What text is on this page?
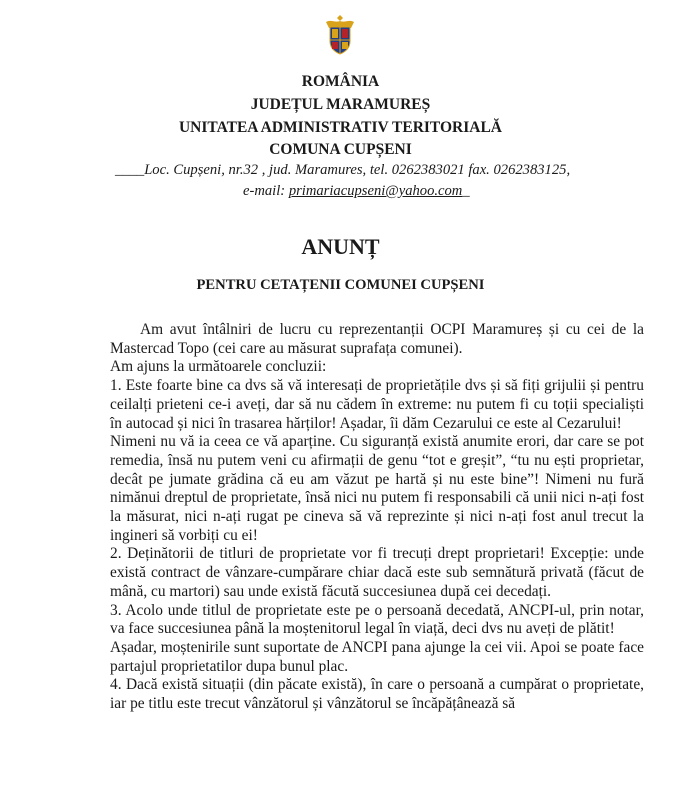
ROMÂNIA
JUDEȚUL MARAMUREȘ
UNITATEA ADMINISTRATIV TERITORIALĂ
COMUNA CUPȘENI
____Loc. Cupșeni, nr.32 , jud. Maramures, tel. 0262383021 fax. 0262383125,
e-mail: primariacupseni@yahoo.com_
ANUNȚ
PENTRU CETAȚENII COMUNEI CUPȘENI

Am avut întâlniri de lucru cu reprezentanții OCPI Maramureș și cu cei de la Mastercad Topo (cei care au măsurat suprafața comunei).

Am ajuns la următoarele concluzii:

1. Este foarte bine ca dvs să vă interesați de proprietățile dvs și să fiți grijulii și pentru ceilalți prieteni ce-i aveți, dar să nu cădem în extreme: nu putem fi cu toții specialiști în autocad și nici în trasarea hărților! Așadar, îi dăm Cezarului ce este al Cezarului!

Nimeni nu vă ia ceea ce vă aparține. Cu siguranță există anumite erori, dar care se pot remedia, însă nu putem veni cu afirmații de genu “tot e greșit”, “tu nu ești proprietar, decât pe jumate grădina că eu am văzut pe hartă și nu este bine”! Nimeni nu fură nimănui dreptul de proprietate, însă nici nu putem fi responsabili că unii nici n-ați fost la măsurat, nici n-ați rugat pe cineva să vă reprezinte și nici n-ați fost anul trecut la ingineri să vorbiți cu ei!

2. Deținătorii de titluri de proprietate vor fi trecuți drept proprietari! Excepție: unde există contract de vânzare-cumpărare chiar dacă este sub semnătură privată (făcut de mână, cu martori) sau unde există făcută succesiunea după cei decedați.

3. Acolo unde titlul de proprietate este pe o persoană decedată, ANCPI-ul, prin notar, va face succesiunea până la moștenitorul legal în viață, deci dvs nu aveți de plătit!

Așadar, moștenirile sunt suportate de ANCPI pana ajunge la cei vii. Apoi se poate face partajul proprietatilor dupa bunul plac.

4. Dacă există situații (din păcate există), în care o persoană a cumpărat o proprietate, iar pe titlu este trecut vânzătorul și vânzătorul se încăpățânează să
